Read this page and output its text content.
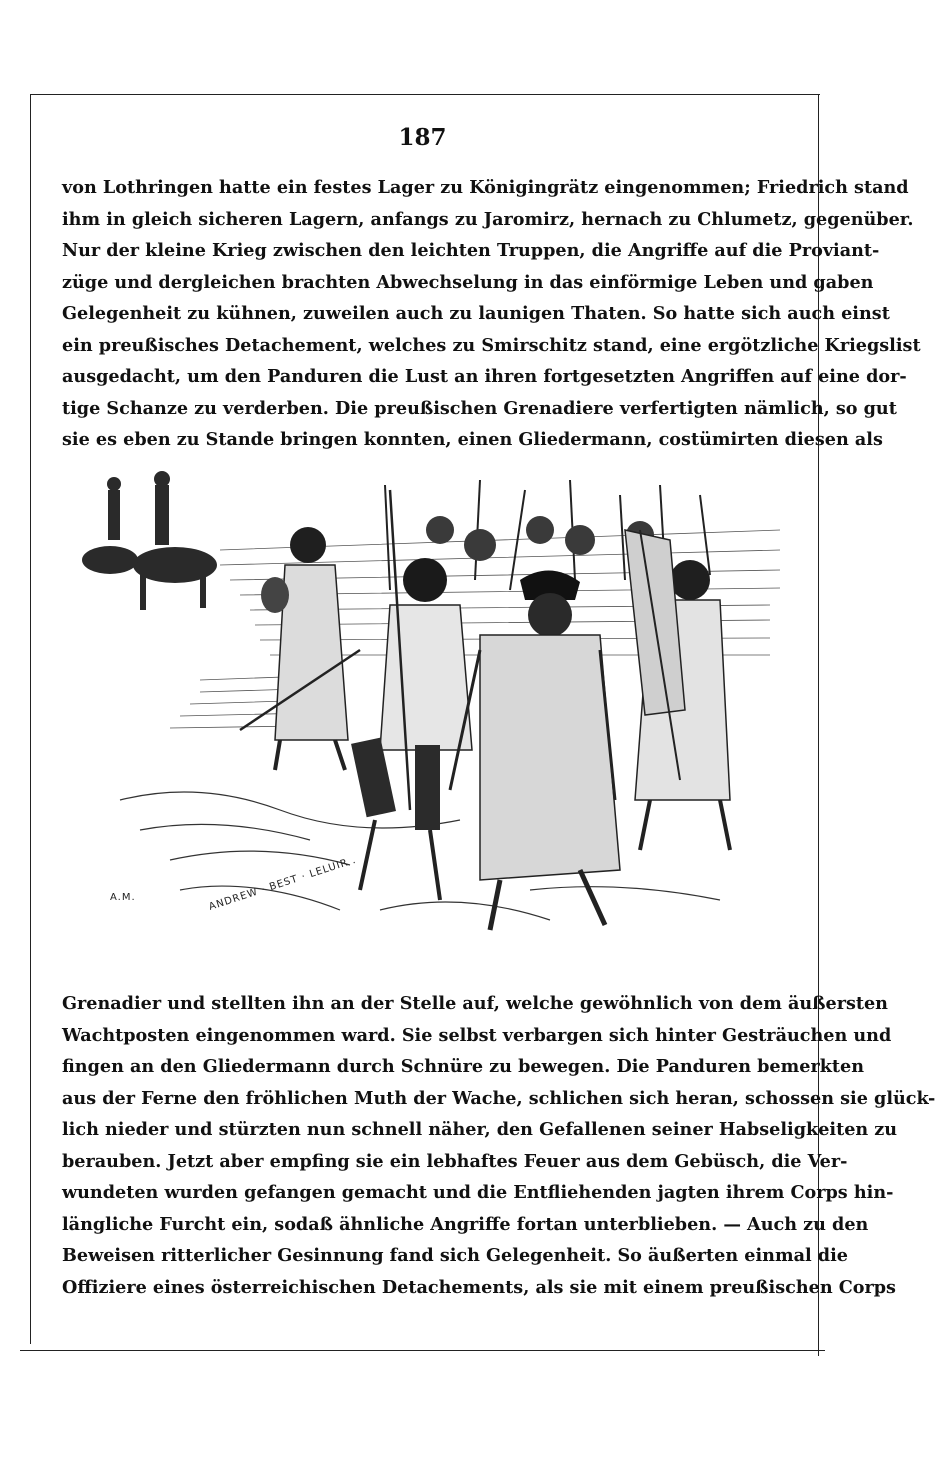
187
von Lothringen hatte ein festes Lager zu Königingrätz eingenommen; Friedrich stand
ihm in gleich sicheren Lagern, anfangs zu Jaromirz, hernach zu Chlumetz, gegenüber.
Nur der kleine Krieg zwischen den leichten Truppen, die Angriffe auf die Proviant-
züge und dergleichen brachten Abwechselung in das einförmige Leben und gaben
Gelegenheit zu kühnen, zuweilen auch zu launigen Thaten. So hatte sich auch einst
ein preußisches Detachement, welches zu Smirschitz stand, eine ergötzliche Kriegslist
ausgedacht, um den Panduren die Lust an ihren fortgesetzten Angriffen auf eine dor-
tige Schanze zu verderben. Die preußischen Grenadiere verfertigten nämlich, so gut
sie es eben zu Stande bringen konnten, einen Gliedermann, costümirten diesen als
A.M.	ANDREW · BEST · LELUIR .
Grenadier und stellten ihn an der Stelle auf, welche gewöhnlich von dem äußersten
Wachtposten eingenommen ward. Sie selbst verbargen sich hinter Gesträuchen und
fingen an den Gliedermann durch Schnüre zu bewegen. Die Panduren bemerkten
aus der Ferne den fröhlichen Muth der Wache, schlichen sich heran, schossen sie glück-
lich nieder und stürzten nun schnell näher, den Gefallenen seiner Habseligkeiten zu
berauben. Jetzt aber empfing sie ein lebhaftes Feuer aus dem Gebüsch, die Ver-
wundeten wurden gefangen gemacht und die Entfliehenden jagten ihrem Corps hin-
längliche Furcht ein, sodaß ähnliche Angriffe fortan unterblieben. — Auch zu den
Beweisen ritterlicher Gesinnung fand sich Gelegenheit. So äußerten einmal die
Offiziere eines österreichischen Detachements, als sie mit einem preußischen Corps
